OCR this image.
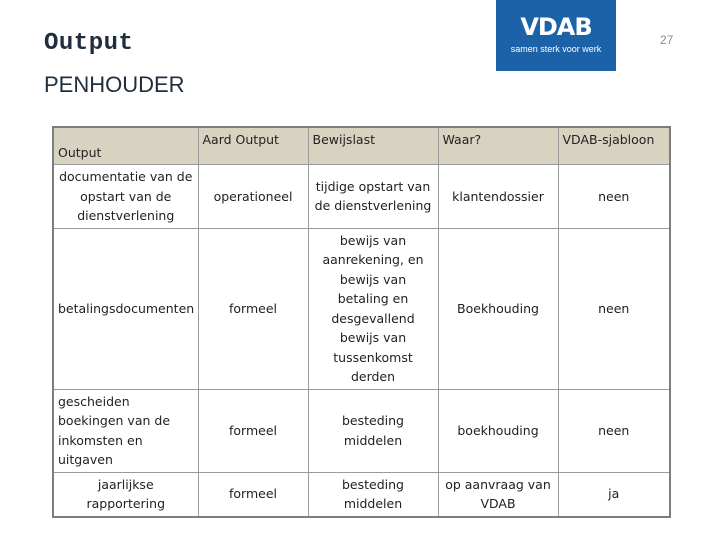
Output
PENHOUDER
VDAB
samen sterk voor werk
27
Output	Aard Output	Bewijslast	Waar?	VDAB-sjabloon
documentatie van de opstart van de dienstverlening	operationeel	tijdige opstart van de dienstverlening	klantendossier	neen
betalingsdocumenten	formeel	bewijs van aanrekening, en bewijs van betaling en desgevallend bewijs van tussenkomst derden	Boekhouding	neen
gescheiden boekingen van de inkomsten en uitgaven	formeel	besteding middelen	boekhouding	neen
jaarlijkse rapportering	formeel	besteding middelen	op aanvraag van VDAB	ja
